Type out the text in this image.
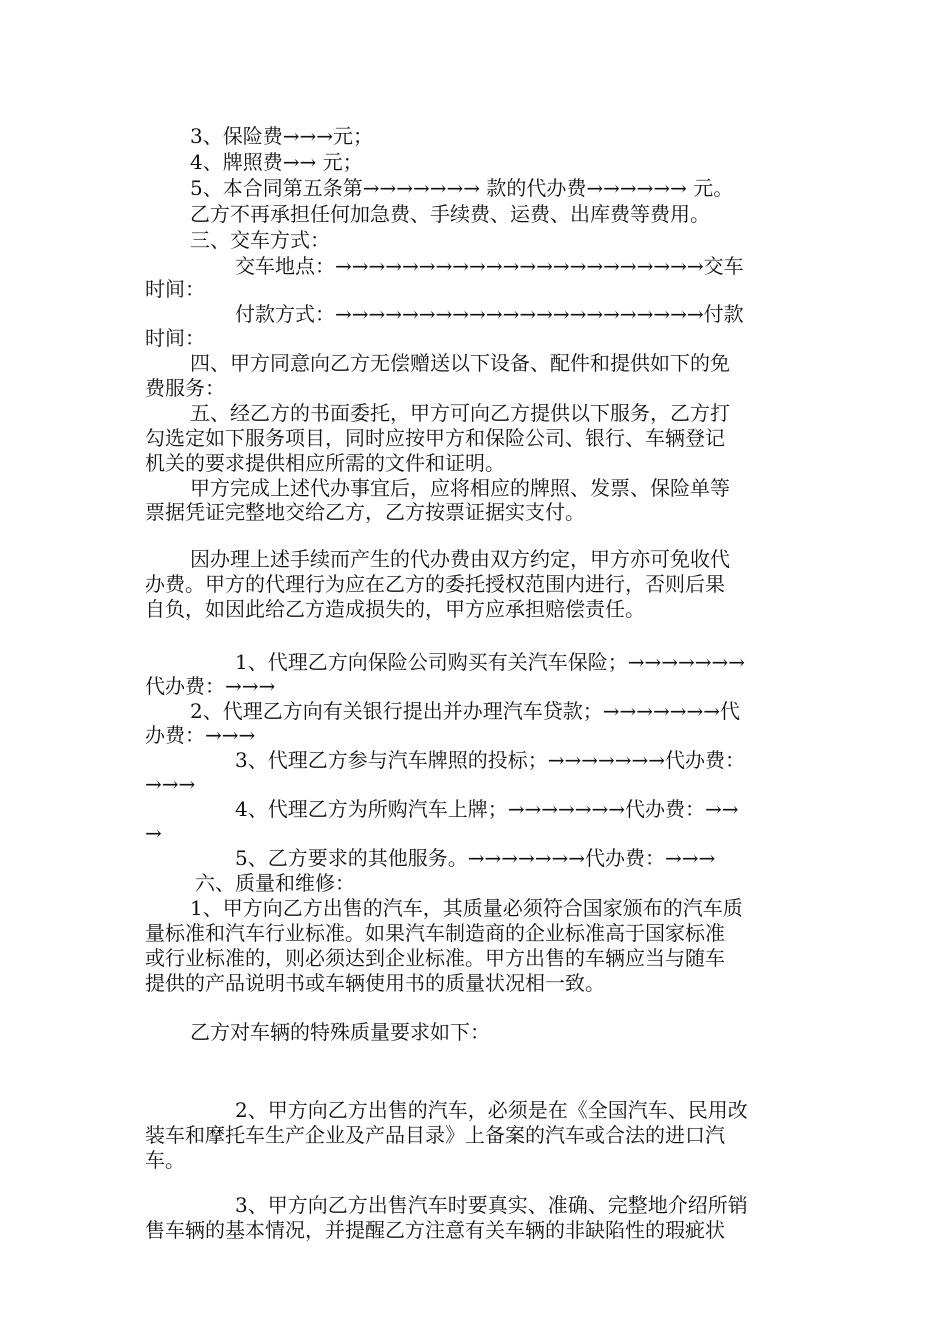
3、保险费→→→元；
4、牌照费→→ 元；
5、本合同第五条第→→→→→→→ 款的代办费→→→→→→ 元。
乙方不再承担任何加急费、手续费、运费、出库费等费用。
三、交车方式：
交车地点：→→→→→→→→→→→→→→→→→→→→→→交车
时间：
付款方式：→→→→→→→→→→→→→→→→→→→→→→付款
时间：
四、甲方同意向乙方无偿赠送以下设备、配件和提供如下的免
费服务：
五、经乙方的书面委托，甲方可向乙方提供以下服务，乙方打
勾选定如下服务项目，同时应按甲方和保险公司、银行、车辆登记
机关的要求提供相应所需的文件和证明。
甲方完成上述代办事宜后，应将相应的牌照、发票、保险单等
票据凭证完整地交给乙方，乙方按票证据实支付。
因办理上述手续而产生的代办费由双方约定，甲方亦可免收代
办费。甲方的代理行为应在乙方的委托授权范围内进行，否则后果
自负，如因此给乙方造成损失的，甲方应承担赔偿责任。
1、代理乙方向保险公司购买有关汽车保险；→→→→→→→
代办费：→→→
2、代理乙方向有关银行提出并办理汽车贷款；→→→→→→→代
办费：→→→
3、代理乙方参与汽车牌照的投标；→→→→→→→代办费：
→→→
4、代理乙方为所购汽车上牌；→→→→→→→代办费：→→
→
5、乙方要求的其他服务。→→→→→→→代办费：→→→
六、质量和维修：
1、甲方向乙方出售的汽车，其质量必须符合国家颁布的汽车质
量标准和汽车行业标准。如果汽车制造商的企业标准高于国家标准
或行业标准的，则必须达到企业标准。甲方出售的车辆应当与随车
提供的产品说明书或车辆使用书的质量状况相一致。
乙方对车辆的特殊质量要求如下：
2、甲方向乙方出售的汽车，必须是在《全国汽车、民用改
装车和摩托车生产企业及产品目录》上备案的汽车或合法的进口汽
车。
3、甲方向乙方出售汽车时要真实、准确、完整地介绍所销
售车辆的基本情况，并提醒乙方注意有关车辆的非缺陷性的瑕疵状
